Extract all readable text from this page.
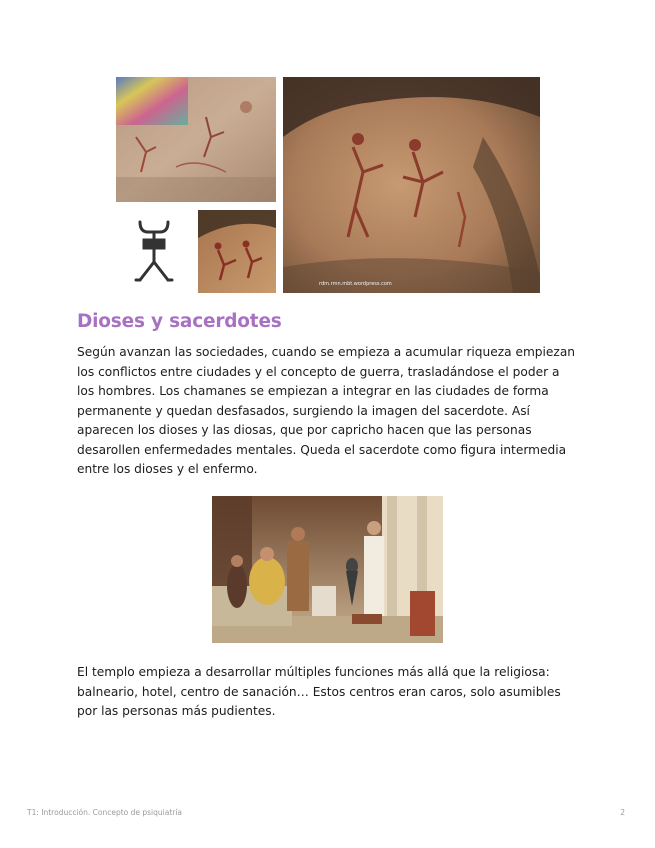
rdm.rmn.mbt.wordpress.com
Dioses y sacerdotes

Según avanzan las sociedades, cuando se empieza a acumular riqueza empiezan
los conflictos entre ciudades y el concepto de guerra, trasladándose el poder a
los hombres. Los chamanes se empiezan a integrar en las ciudades de forma
permanente y quedan desfasados, surgiendo la imagen del sacerdote. Así
aparecen los dioses y las diosas, que por capricho hacen que las personas
desarollen enfermedades mentales. Queda el sacerdote como figura intermedia
entre los dioses y el enfermo.

El templo empieza a desarrollar múltiples funciones más allá que la religiosa:
balneario, hotel, centro de sanación… Estos centros eran caros, solo asumibles
por las personas más pudientes.

T1: Introducción. Concepto de psiquiatría	2
